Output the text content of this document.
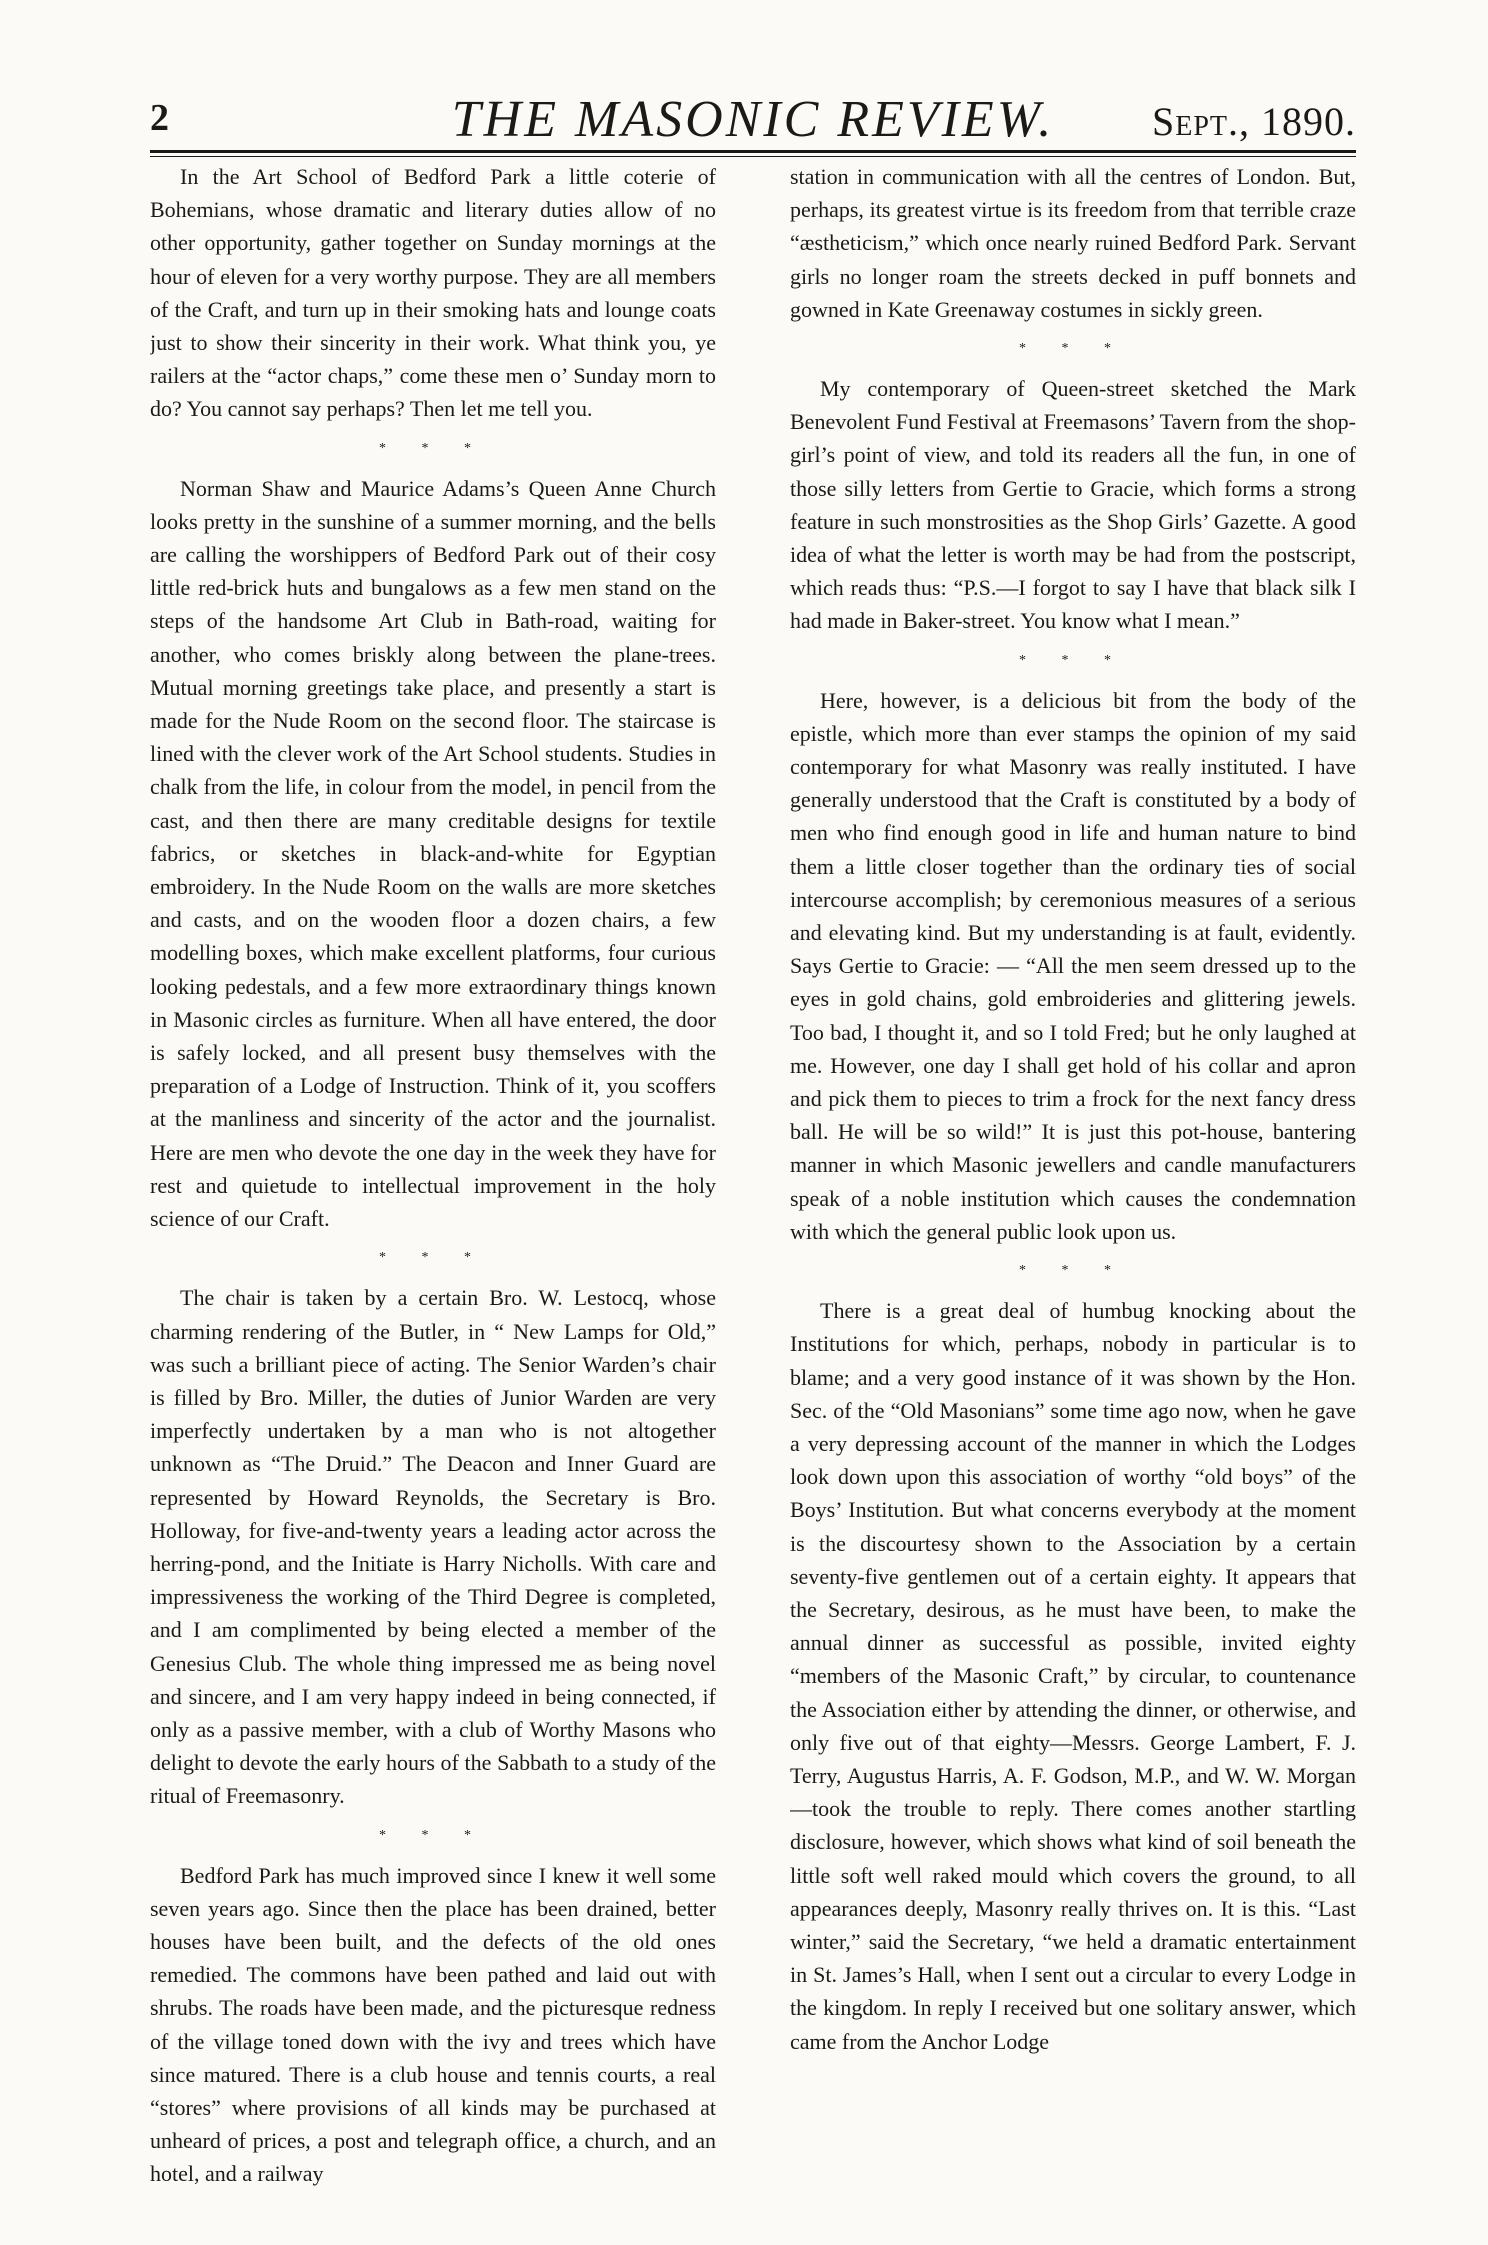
2	THE MASONIC REVIEW.	Sept., 1890.

In the Art School of Bedford Park a little coterie of Bohemians, whose dramatic and literary duties allow of no other opportunity, gather together on Sunday mornings at the hour of eleven for a very worthy purpose. They are all members of the Craft, and turn up in their smoking hats and lounge coats just to show their sincerity in their work. What think you, ye railers at the “actor chaps,” come these men o’ Sunday morn to do? You cannot say perhaps? Then let me tell you.

* * *

Norman Shaw and Maurice Adams’s Queen Anne Church looks pretty in the sunshine of a summer morning, and the bells are calling the worshippers of Bedford Park out of their cosy little red-brick huts and bungalows as a few men stand on the steps of the handsome Art Club in Bath-road, waiting for another, who comes briskly along between the plane-trees. Mutual morning greetings take place, and presently a start is made for the Nude Room on the second floor. The staircase is lined with the clever work of the Art School students. Studies in chalk from the life, in colour from the model, in pencil from the cast, and then there are many creditable designs for textile fabrics, or sketches in black-and-white for Egyptian embroidery. In the Nude Room on the walls are more sketches and casts, and on the wooden floor a dozen chairs, a few modelling boxes, which make excellent platforms, four curious looking pedestals, and a few more extraordinary things known in Masonic circles as furniture. When all have entered, the door is safely locked, and all present busy themselves with the preparation of a Lodge of Instruction. Think of it, you scoffers at the manliness and sincerity of the actor and the journalist. Here are men who devote the one day in the week they have for rest and quietude to intellectual improvement in the holy science of our Craft.

* * *

The chair is taken by a certain Bro. W. Lestocq, whose charming rendering of the Butler, in “ New Lamps for Old,” was such a brilliant piece of acting. The Senior Warden’s chair is filled by Bro. Miller, the duties of Junior Warden are very imperfectly undertaken by a man who is not altogether unknown as “The Druid.” The Deacon and Inner Guard are represented by Howard Reynolds, the Secretary is Bro. Holloway, for five-and-twenty years a leading actor across the herring-pond, and the Initiate is Harry Nicholls. With care and impressiveness the working of the Third Degree is completed, and I am complimented by being elected a member of the Genesius Club. The whole thing impressed me as being novel and sincere, and I am very happy indeed in being connected, if only as a passive member, with a club of Worthy Masons who delight to devote the early hours of the Sabbath to a study of the ritual of Freemasonry.

* * *

Bedford Park has much improved since I knew it well some seven years ago. Since then the place has been drained, better houses have been built, and the defects of the old ones remedied. The commons have been pathed and laid out with shrubs. The roads have been made, and the picturesque redness of the village toned down with the ivy and trees which have since matured. There is a club house and tennis courts, a real “stores” where provisions of all kinds may be purchased at unheard of prices, a post and telegraph office, a church, and an hotel, and a railway

station in communication with all the centres of London. But, perhaps, its greatest virtue is its freedom from that terrible craze “æstheticism,” which once nearly ruined Bedford Park. Servant girls no longer roam the streets decked in puff bonnets and gowned in Kate Greenaway costumes in sickly green.

* * *

My contemporary of Queen-street sketched the Mark Benevolent Fund Festival at Freemasons’ Tavern from the shop-girl’s point of view, and told its readers all the fun, in one of those silly letters from Gertie to Gracie, which forms a strong feature in such monstrosities as the Shop Girls’ Gazette. A good idea of what the letter is worth may be had from the postscript, which reads thus: “P.S.—I forgot to say I have that black silk I had made in Baker-street. You know what I mean.”

* * *

Here, however, is a delicious bit from the body of the epistle, which more than ever stamps the opinion of my said contemporary for what Masonry was really instituted. I have generally understood that the Craft is constituted by a body of men who find enough good in life and human nature to bind them a little closer together than the ordinary ties of social intercourse accomplish; by ceremonious measures of a serious and elevating kind. But my understanding is at fault, evidently. Says Gertie to Gracie: — “All the men seem dressed up to the eyes in gold chains, gold embroideries and glittering jewels. Too bad, I thought it, and so I told Fred; but he only laughed at me. However, one day I shall get hold of his collar and apron and pick them to pieces to trim a frock for the next fancy dress ball. He will be so wild!” It is just this pot-house, bantering manner in which Masonic jewellers and candle manufacturers speak of a noble institution which causes the condemnation with which the general public look upon us.

* * *

There is a great deal of humbug knocking about the Institutions for which, perhaps, nobody in particular is to blame; and a very good instance of it was shown by the Hon. Sec. of the “Old Masonians” some time ago now, when he gave a very depressing account of the manner in which the Lodges look down upon this association of worthy “old boys” of the Boys’ Institution. But what concerns everybody at the moment is the discourtesy shown to the Association by a certain seventy-five gentlemen out of a certain eighty. It appears that the Secretary, desirous, as he must have been, to make the annual dinner as successful as possible, invited eighty “members of the Masonic Craft,” by circular, to countenance the Association either by attending the dinner, or otherwise, and only five out of that eighty—Messrs. George Lambert, F. J. Terry, Augustus Harris, A. F. Godson, M.P., and W. W. Morgan—took the trouble to reply. There comes another startling disclosure, however, which shows what kind of soil beneath the little soft well raked mould which covers the ground, to all appearances deeply, Masonry really thrives on. It is this. “Last winter,” said the Secretary, “we held a dramatic entertainment in St. James’s Hall, when I sent out a circular to every Lodge in the kingdom. In reply I received but one solitary answer, which came from the Anchor Lodge
